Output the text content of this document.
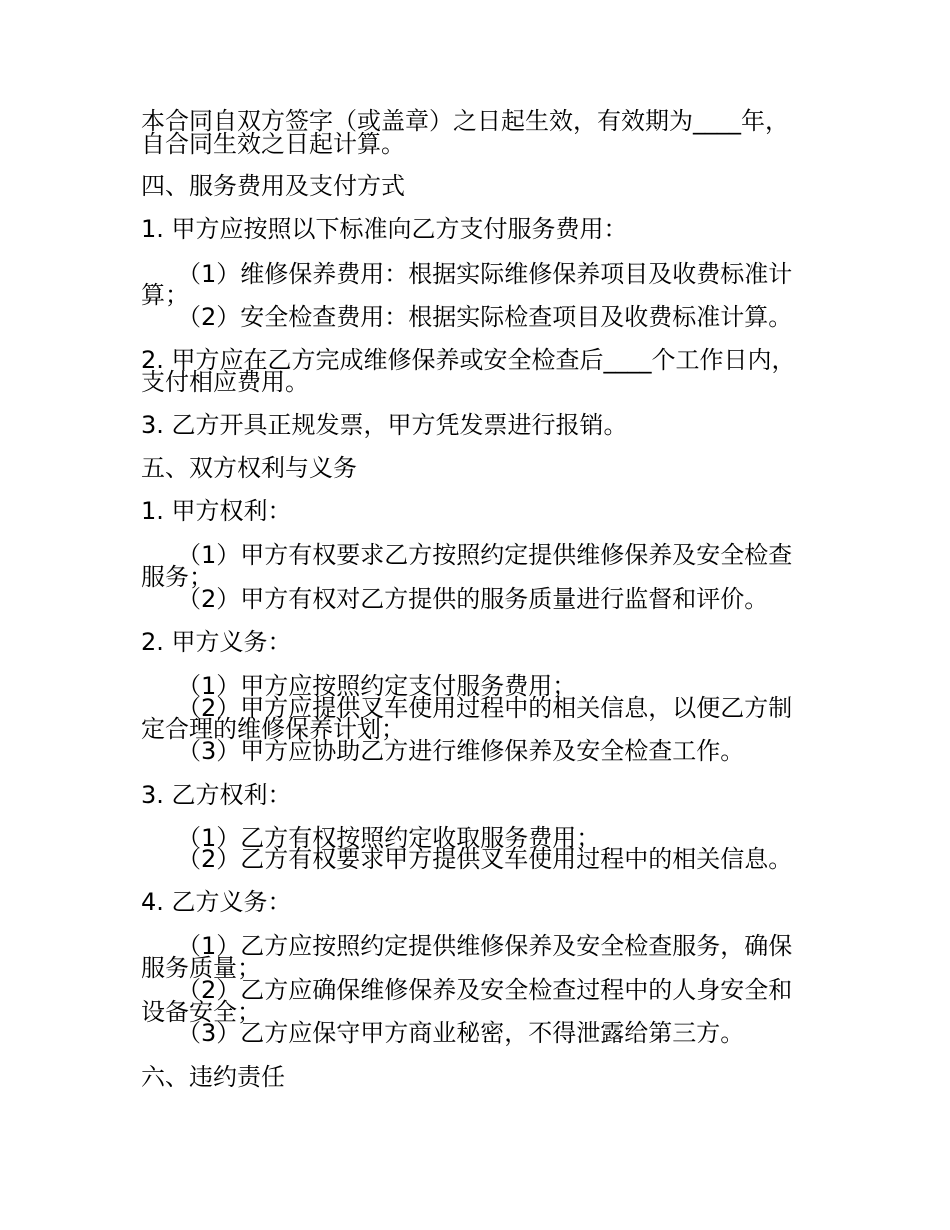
本合同自双方签字（或盖章）之日起生效，有效期为____年，
自合同生效之日起计算。
四、服务费用及支付方式
1. 甲方应按照以下标准向乙方支付服务费用：
（1）维修保养费用：根据实际维修保养项目及收费标准计
算；
（2）安全检查费用：根据实际检查项目及收费标准计算。
2. 甲方应在乙方完成维修保养或安全检查后____个工作日内，
支付相应费用。
3. 乙方开具正规发票，甲方凭发票进行报销。
五、双方权利与义务
1. 甲方权利：
（1）甲方有权要求乙方按照约定提供维修保养及安全检查
服务；
（2）甲方有权对乙方提供的服务质量进行监督和评价。
2. 甲方义务：
（1）甲方应按照约定支付服务费用；
（2）甲方应提供叉车使用过程中的相关信息，以便乙方制
定合理的维修保养计划；
（3）甲方应协助乙方进行维修保养及安全检查工作。
3. 乙方权利：
（1）乙方有权按照约定收取服务费用；
（2）乙方有权要求甲方提供叉车使用过程中的相关信息。
4. 乙方义务：
（1）乙方应按照约定提供维修保养及安全检查服务，确保
服务质量；
（2）乙方应确保维修保养及安全检查过程中的人身安全和
设备安全；
（3）乙方应保守甲方商业秘密，不得泄露给第三方。
六、违约责任
